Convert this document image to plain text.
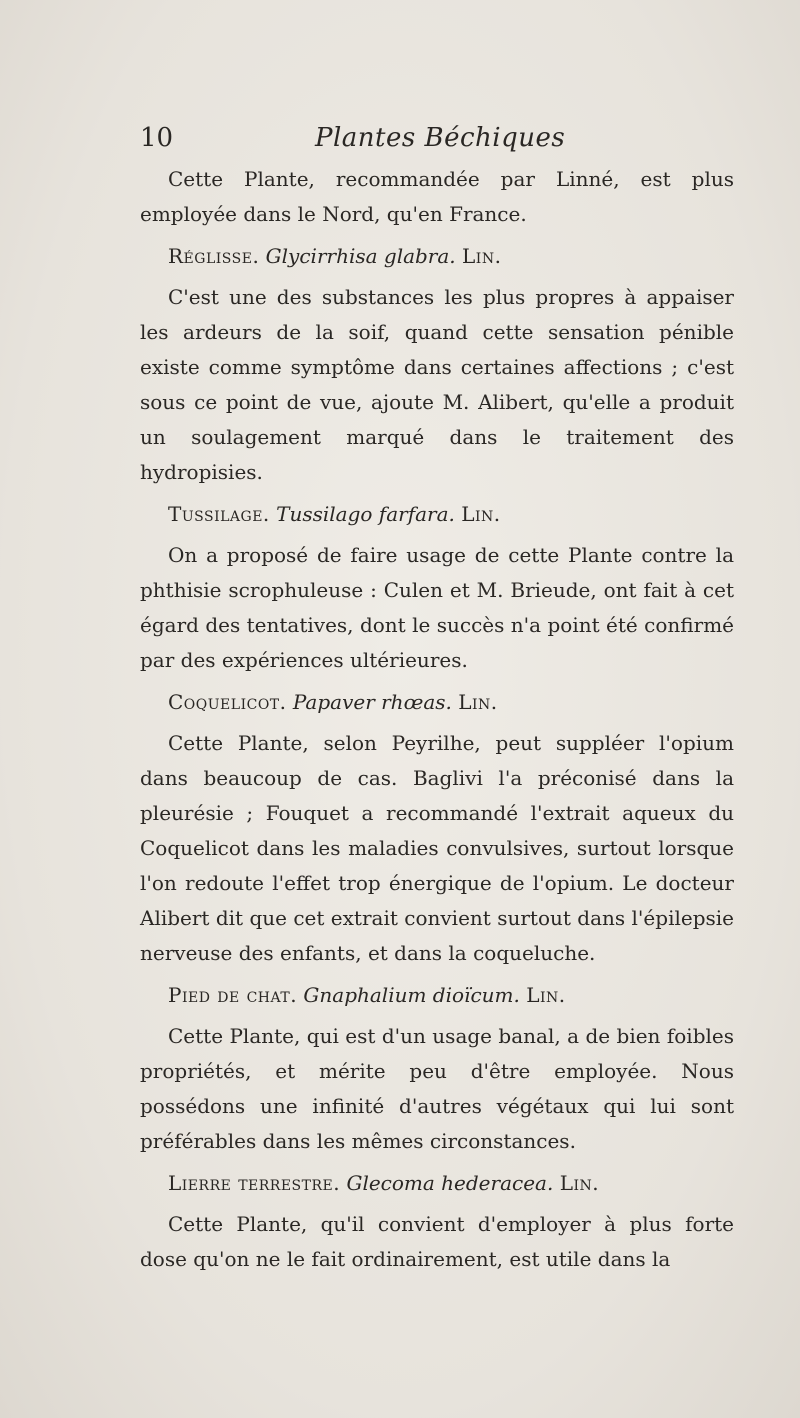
10	Plantes Béchiques

Cette Plante, recommandée par Linné, est plus employée dans le Nord, qu'en France.

Réglisse. Glycirrhisa glabra. Lin.

C'est une des substances les plus propres à appaiser les ardeurs de la soif, quand cette sensation pénible existe comme symptôme dans certaines affections ; c'est sous ce point de vue, ajoute M. Alibert, qu'elle a produit un soulagement marqué dans le traitement des hydropisies.

Tussilage. Tussilago farfara. Lin.

On a proposé de faire usage de cette Plante contre la phthisie scrophuleuse : Culen et M. Brieude, ont fait à cet égard des tentatives, dont le succès n'a point été confirmé par des expériences ultérieures.

Coquelicot. Papaver rhœas. Lin.

Cette Plante, selon Peyrilhe, peut suppléer l'opium dans beaucoup de cas. Baglivi l'a préconisé dans la pleurésie ; Fouquet a recommandé l'extrait aqueux du Coquelicot dans les maladies convulsives, surtout lorsque l'on redoute l'effet trop énergique de l'opium. Le docteur Alibert dit que cet extrait convient surtout dans l'épilepsie nerveuse des enfants, et dans la coqueluche.

Pied de chat. Gnaphalium dioïcum. Lin.

Cette Plante, qui est d'un usage banal, a de bien foibles propriétés, et mérite peu d'être employée. Nous possédons une infinité d'autres végétaux qui lui sont préférables dans les mêmes circonstances.

Lierre terrestre. Glecoma hederacea. Lin.

Cette Plante, qu'il convient d'employer à plus forte dose qu'on ne le fait ordinairement, est utile dans la
